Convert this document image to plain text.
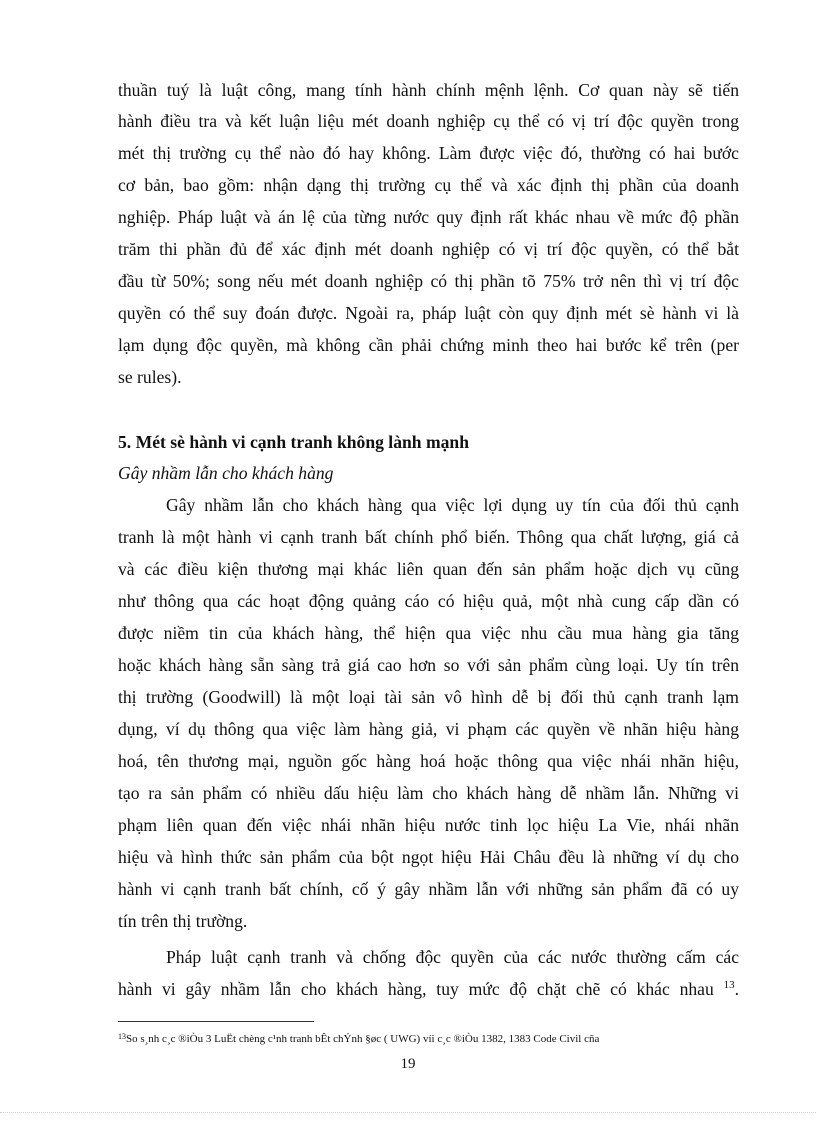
thuần tuý là luật công, mang tính hành chính mệnh lệnh. Cơ quan này sẽ tiến
hành điều tra và kết luận liệu mét doanh nghiệp cụ thể có vị trí độc quyền trong
mét thị trường cụ thể nào đó hay không. Làm được việc đó, thường có hai bước
cơ bản, bao gồm: nhận dạng thị trường cụ thể và xác định thị phần của doanh
nghiệp. Pháp luật và án lệ của từng nước quy định rất khác nhau về mức độ phần
trăm thi phần đủ để xác định mét doanh nghiệp có vị trí độc quyền, có thể bắt
đầu từ 50%; song nếu mét doanh nghiệp có thị phần tõ 75% trở nên thì vị trí độc
quyền có thể suy đoán được. Ngoài ra, pháp luật còn quy định mét sè hành vi là
lạm dụng độc quyền, mà không cần phải chứng minh theo hai bước kể trên (per
se rules).
5. Mét sè hành vi cạnh tranh không lành mạnh
Gây nhầm lẫn cho khách hàng
Gây nhầm lẫn cho khách hàng qua việc lợi dụng uy tín của đối thủ cạnh
tranh là một hành vi cạnh tranh bất chính phổ biến. Thông qua chất lượng, giá cả
và các điều kiện thương mại khác liên quan đến sản phẩm hoặc dịch vụ cũng
như thông qua các hoạt động quảng cáo có hiệu quả, một nhà cung cấp dần có
được niềm tin của khách hàng, thể hiện qua việc nhu cầu mua hàng gia tăng
hoặc khách hàng sẵn sàng trả giá cao hơn so với sản phẩm cùng loại. Uy tín trên
thị trường (Goodwill) là một loại tài sản vô hình dễ bị đối thủ cạnh tranh lạm
dụng, ví dụ thông qua việc làm hàng giả, vi phạm các quyền về nhãn hiệu hàng
hoá, tên thương mại, nguồn gốc hàng hoá hoặc thông qua việc nhái nhãn hiệu,
tạo ra sản phẩm có nhiều dấu hiệu làm cho khách hàng dễ nhầm lẫn. Những vi
phạm liên quan đến việc nhái nhãn hiệu nước tinh lọc hiệu La Vie, nhái nhãn
hiệu và hình thức sản phẩm của bột ngọt hiệu Hải Châu đều là những ví dụ cho
hành vi cạnh tranh bất chính, cố ý gây nhầm lẫn với những sản phẩm đã có uy
tín trên thị trường.
Pháp luật cạnh tranh và chống độc quyền của các nước thường cấm các
hành vi gây nhầm lẫn cho khách hàng, tuy mức độ chặt chẽ có khác nhau $^{13}$.
$^{13}$So s¸nh c¸c ®iÒu 3 LuËt chèng c¹nh tranh bÊt chÝnh §øc ( UWG) víi c¸c ®iÒu 1382, 1383 Code Civil cña
19
